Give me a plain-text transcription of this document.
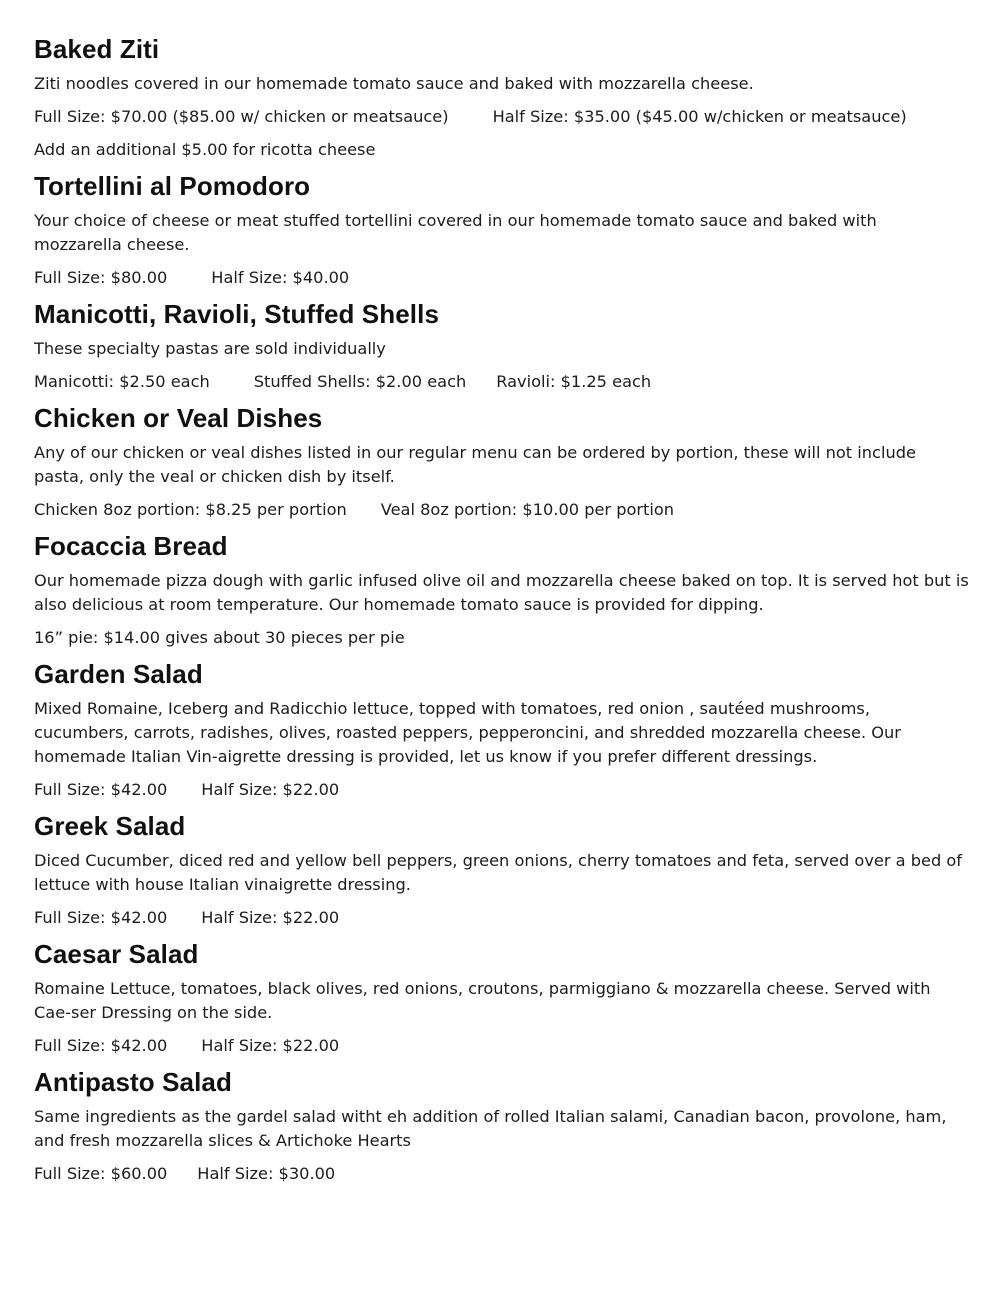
Baked Ziti

Ziti noodles covered in our homemade tomato sauce and baked with mozzarella cheese.

Full Size: $70.00 ($85.00 w/ chicken or meatsauce)	Half Size: $35.00 ($45.00 w/chicken or meatsauce)

Add an additional $5.00 for ricotta cheese

Tortellini al Pomodoro

Your choice of cheese or meat stuffed tortellini covered in our homemade tomato sauce and baked with mozzarella cheese.

Full Size: $80.00	Half Size: $40.00
Manicotti, Ravioli, Stuffed Shells

These specialty pastas are sold individually

Manicotti: $2.50 each	Stuffed Shells: $2.00 each Ravioli: $1.25 each
Chicken or Veal Dishes

Any of our chicken or veal dishes listed in our regular menu can be ordered by portion, these will not include pasta, only the veal or chicken dish by itself.

Chicken 8oz portion: $8.25 per portion Veal 8oz portion: $10.00 per portion
Focaccia Bread

Our homemade pizza dough with garlic infused olive oil and mozzarella cheese baked on top. It is served hot but is also delicious at room temperature. Our homemade tomato sauce is provided for dipping.

16” pie: $14.00 gives about 30 pieces per pie
Garden Salad

Mixed Romaine, Iceberg and Radicchio lettuce, topped with tomatoes, red onion , sautéed mushrooms, cucumbers, carrots, radishes, olives, roasted peppers, pepperoncini, and shredded mozzarella cheese. Our homemade Italian Vin-aigrette dressing is provided, let us know if you prefer different dressings.

Full Size: $42.00 Half Size: $22.00
Greek Salad

Diced Cucumber, diced red and yellow bell peppers, green onions, cherry tomatoes and feta, served over a bed of lettuce with house Italian vinaigrette dressing.

Full Size: $42.00 Half Size: $22.00
Caesar Salad

Romaine Lettuce, tomatoes, black olives, red onions, croutons, parmiggiano & mozzarella cheese. Served with Cae-ser Dressing on the side.

Full Size: $42.00 Half Size: $22.00
Antipasto Salad

Same ingredients as the gardel salad witht eh addition of rolled Italian salami, Canadian bacon, provolone, ham, and fresh mozzarella slices & Artichoke Hearts

Full Size: $60.00 Half Size: $30.00
